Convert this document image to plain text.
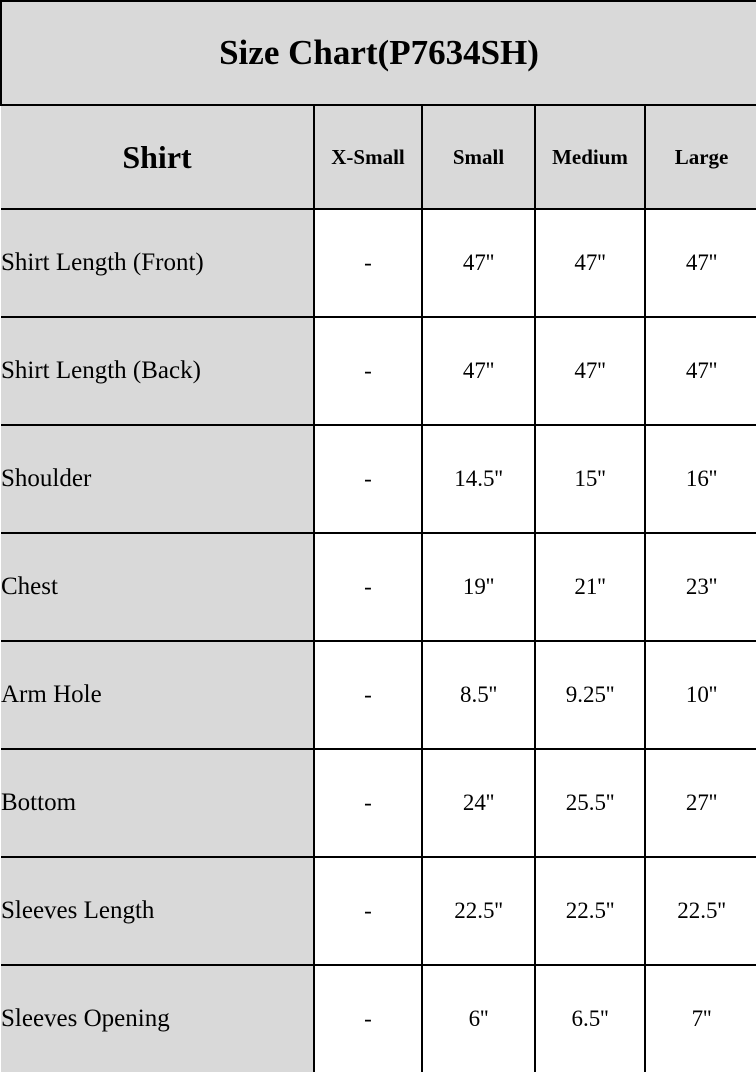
Size Chart(P7634SH)				
Shirt	X-Small	Small	Medium	Large
Shirt Length (Front)	-	47''	47''	47''
Shirt Length (Back)	-	47''	47''	47''
Shoulder	-	14.5''	15''	16''
Chest	-	19''	21''	23''
Arm Hole	-	8.5''	9.25''	10''
Bottom	-	24''	25.5''	27''
Sleeves Length	-	22.5''	22.5''	22.5''
Sleeves Opening	-	6''	6.5''	7''
